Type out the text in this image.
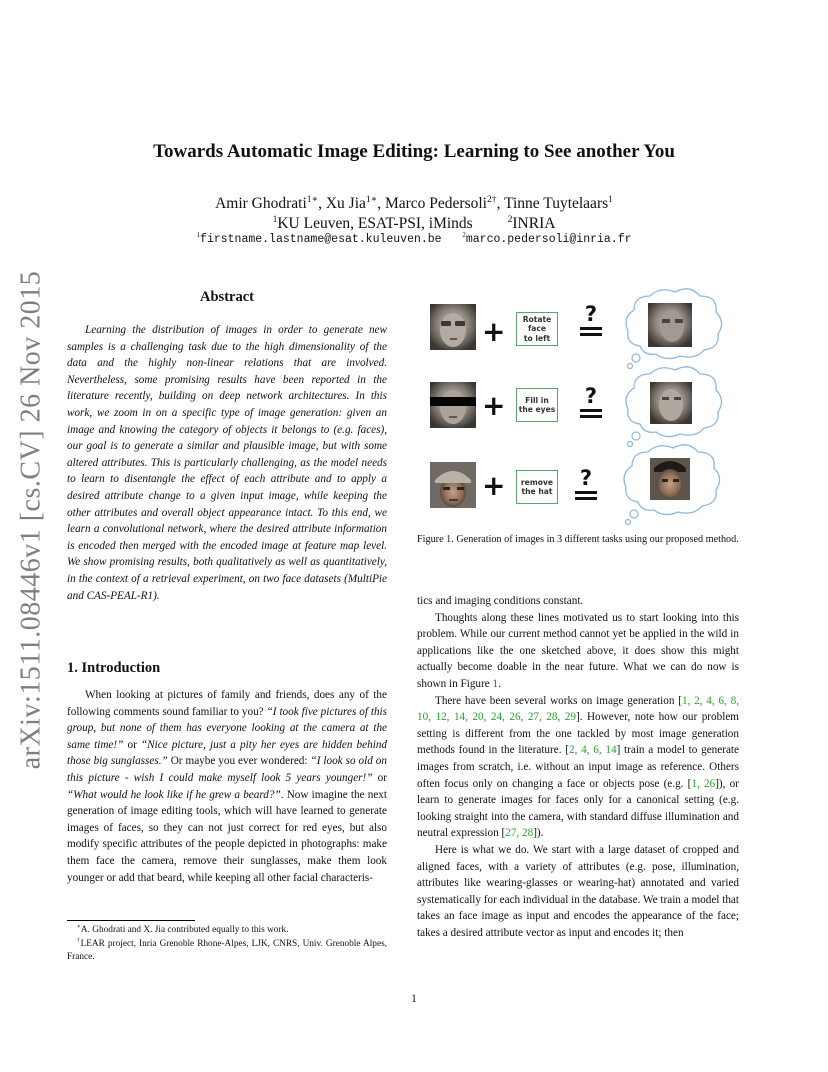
arXiv:1511.08446v1 [cs.CV] 26 Nov 2015
Towards Automatic Image Editing: Learning to See another You
Amir Ghodrati$^{1∗}$, Xu Jia$^{1∗}$, Marco Pedersoli$^{2\dagger}$, Tinne Tuytelaars$^1$
$^1$KU Leuven, ESAT-PSI, iMinds	$^2$INRIA
$^1$firstname.lastname@esat.kuleuven.be	$^2$marco.pedersoli@inria.fr
Abstract
Learning the distribution of images in order to generate new samples is a challenging task due to the high dimensionality of the data and the highly non-linear relations that are involved. Nevertheless, some promising results have been reported in the literature recently, building on deep network architectures. In this work, we zoom in on a specific type of image generation: given an image and knowing the category of objects it belongs to (e.g. faces), our goal is to generate a similar and plausible image, but with some altered attributes. This is particularly challenging, as the model needs to learn to disentangle the effect of each attribute and to apply a desired attribute change to a given input image, while keeping the other attributes and overall object appearance intact. To this end, we learn a convolutional network, where the desired attribute information is encoded then merged with the encoded image at feature map level. We show promising results, both qualitatively as well as quantitatively, in the context of a retrieval experiment, on two face datasets (MultiPie and CAS-PEAL-R1).
1. Introduction
When looking at pictures of family and friends, does any of the following comments sound familiar to you? “I took five pictures of this group, but none of them has everyone looking at the camera at the same time!” or “Nice picture, just a pity her eyes are hidden behind those big sunglasses.” Or maybe you ever wondered: “I look so old on this picture - wish I could make myself look 5 years younger!” or “What would he look like if he grew a beard?”. Now imagine the next generation of image editing tools, which will have learned to generate images of faces, so they can not just correct for red eyes, but also modify specific attributes of the people depicted in photographs: make them face the camera, remove their sunglasses, make them look younger or add that beard, while keeping all other facial characteris-
∗A. Ghodrati and X. Jia contributed equally to this work.
†LEAR project, Inria Grenoble Rhone-Alpes, LJK, CNRS, Univ. Grenoble Alpes, France.
+ Rotate
face
to left
?
+	Fill in
the eyes
?
+ remove
the hat
?
Figure 1. Generation of images in 3 different tasks using our proposed method.

tics and imaging conditions constant.

Thoughts along these lines motivated us to start looking into this problem. While our current method cannot yet be applied in the wild in applications like the one sketched above, it does show this might actually become doable in the near future. What we can do now is shown in Figure 1.

There have been several works on image generation [1, 2, 4, 6, 8, 10, 12, 14, 20, 24, 26, 27, 28, 29]. However, note how our problem setting is different from the one tackled by most image generation methods found in the literature. [2, 4, 6, 14] train a model to generate images from scratch, i.e. without an input image as reference. Others often focus only on changing a face or objects pose (e.g. [1, 26]), or learn to generate images for faces only for a canonical setting (e.g. looking straight into the camera, with standard diffuse illumination and neutral expression [27, 28]).

Here is what we do. We start with a large dataset of cropped and aligned faces, with a variety of attributes (e.g. pose, illumination, attributes like wearing-glasses or wearing-hat) annotated and varied systematically for each individual in the database. We train a model that takes an face image as input and encodes the appearance of the face; takes a desired attribute vector as input and encodes it; then

1
